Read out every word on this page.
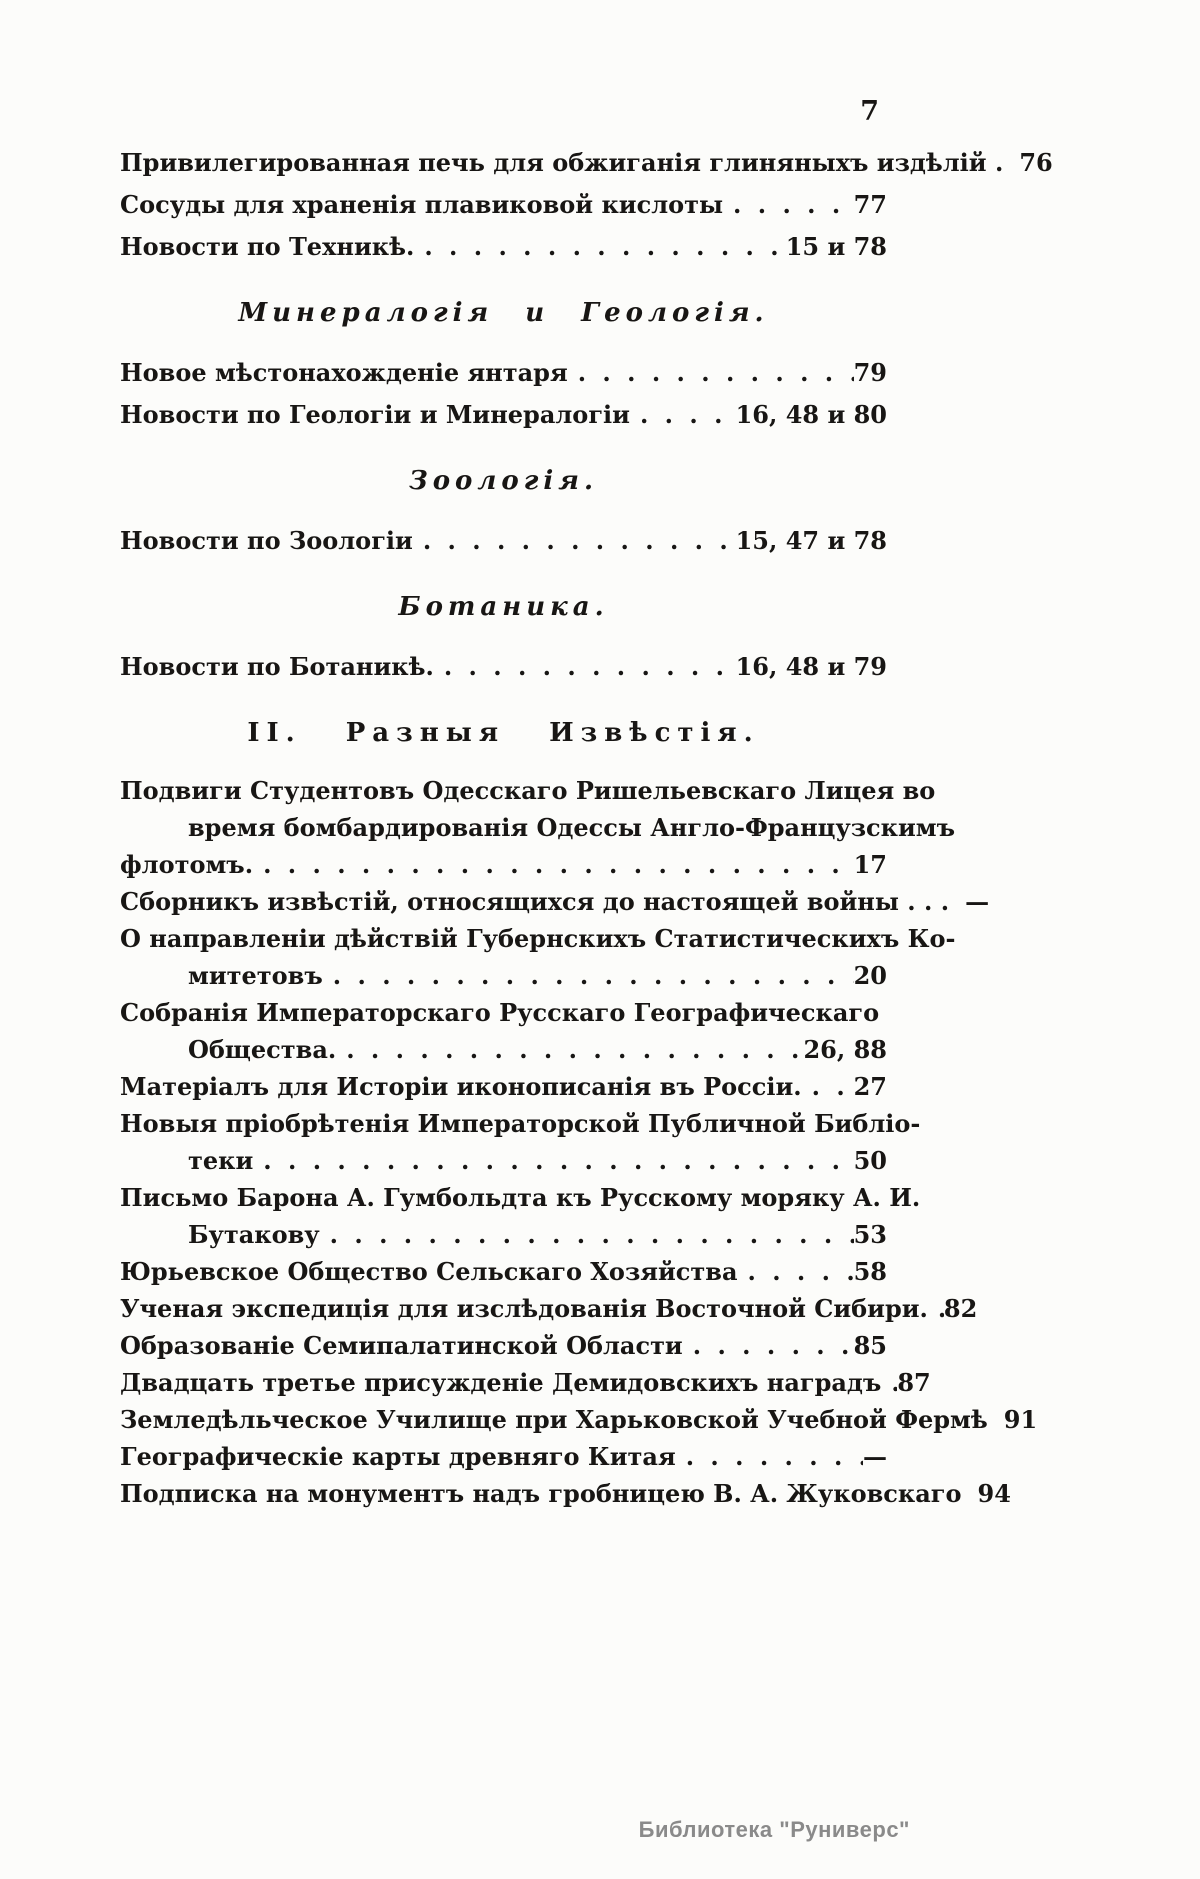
7
Привилегированная печь для обжиганія глиняныхъ издѣлій . 76
Сосуды для храненія плавиковой кислоты . . .	77
Новости по Техникѣ. . . .	15 и 78
Минералогія и Геологія.
Новое мѣстонахожденіе янтаря . . .	79
Новости по Геологіи и Минералогіи . . .	16, 48 и 80
Зоологія.
Новости по Зоологіи . . .	15, 47 и 78
Ботаника.
Новости по Ботаникѣ. . . .	16, 48 и 79
II. Разныя Извѣстія.
Подвиги Студентовъ Одесскаго Ришельевскаго Лицея во
время бомбардированія Одессы Англо-Французскимъ
флотомъ. . . .	17
Сборникъ извѣстій, относящихся до настоящей войны . . . —
О направленіи дѣйствій Губернскихъ Статистическихъ Ко-
митетовъ . . .	20
Собранія Императорскаго Русскаго Географическаго
Общества. . . .	26, 88
Матеріалъ для Исторіи иконописанія въ Россіи. . . . 27
Новыя пріобрѣтенія Императорской Публичной Библіо-
теки . . .	50
Письмо Барона А. Гумбольдта къ Русскому моряку А. И.
Бутакову . . .	53
Юрьевское Общество Сельскаго Хозяйства . . .	58
Ученая экспедиція для изслѣдованія Восточной Сибири. . . . 82
Образованіе Семипалатинской Области . . .	85
Двадцать третье присужденіе Демидовскихъ наградъ . . . 87
Земледѣльческое Училище при Харьковской Учебной Фермѣ 91
Географическіе карты древняго Китая . . .	—
Подписка на монументъ надъ гробницею В. А. Жуковскаго 94
Библиотека "Руниверс"
